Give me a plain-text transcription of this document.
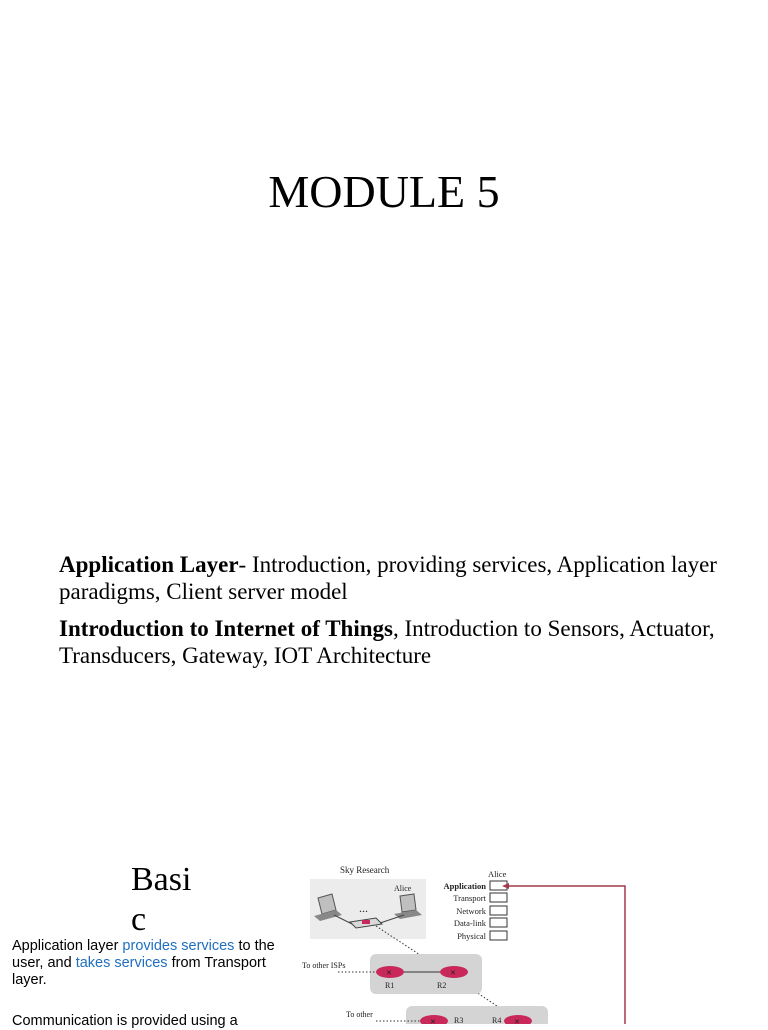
MODULE 5
Application Layer- Introduction, providing services, Application layer paradigms, Client server model
Introduction to Internet of Things, Introduction to Sensors, Actuator, Transducers, Gateway, IOT Architecture
Basic
Application layer provides services to the user, and takes services from Transport layer.
Communication is provided using a
Sky Research
Alice
...
Alice
Application
Transport
Network
Data-link
Physical
To other ISPs
✕	✕
R1	R2
To other
✕	✕
R3	R4
